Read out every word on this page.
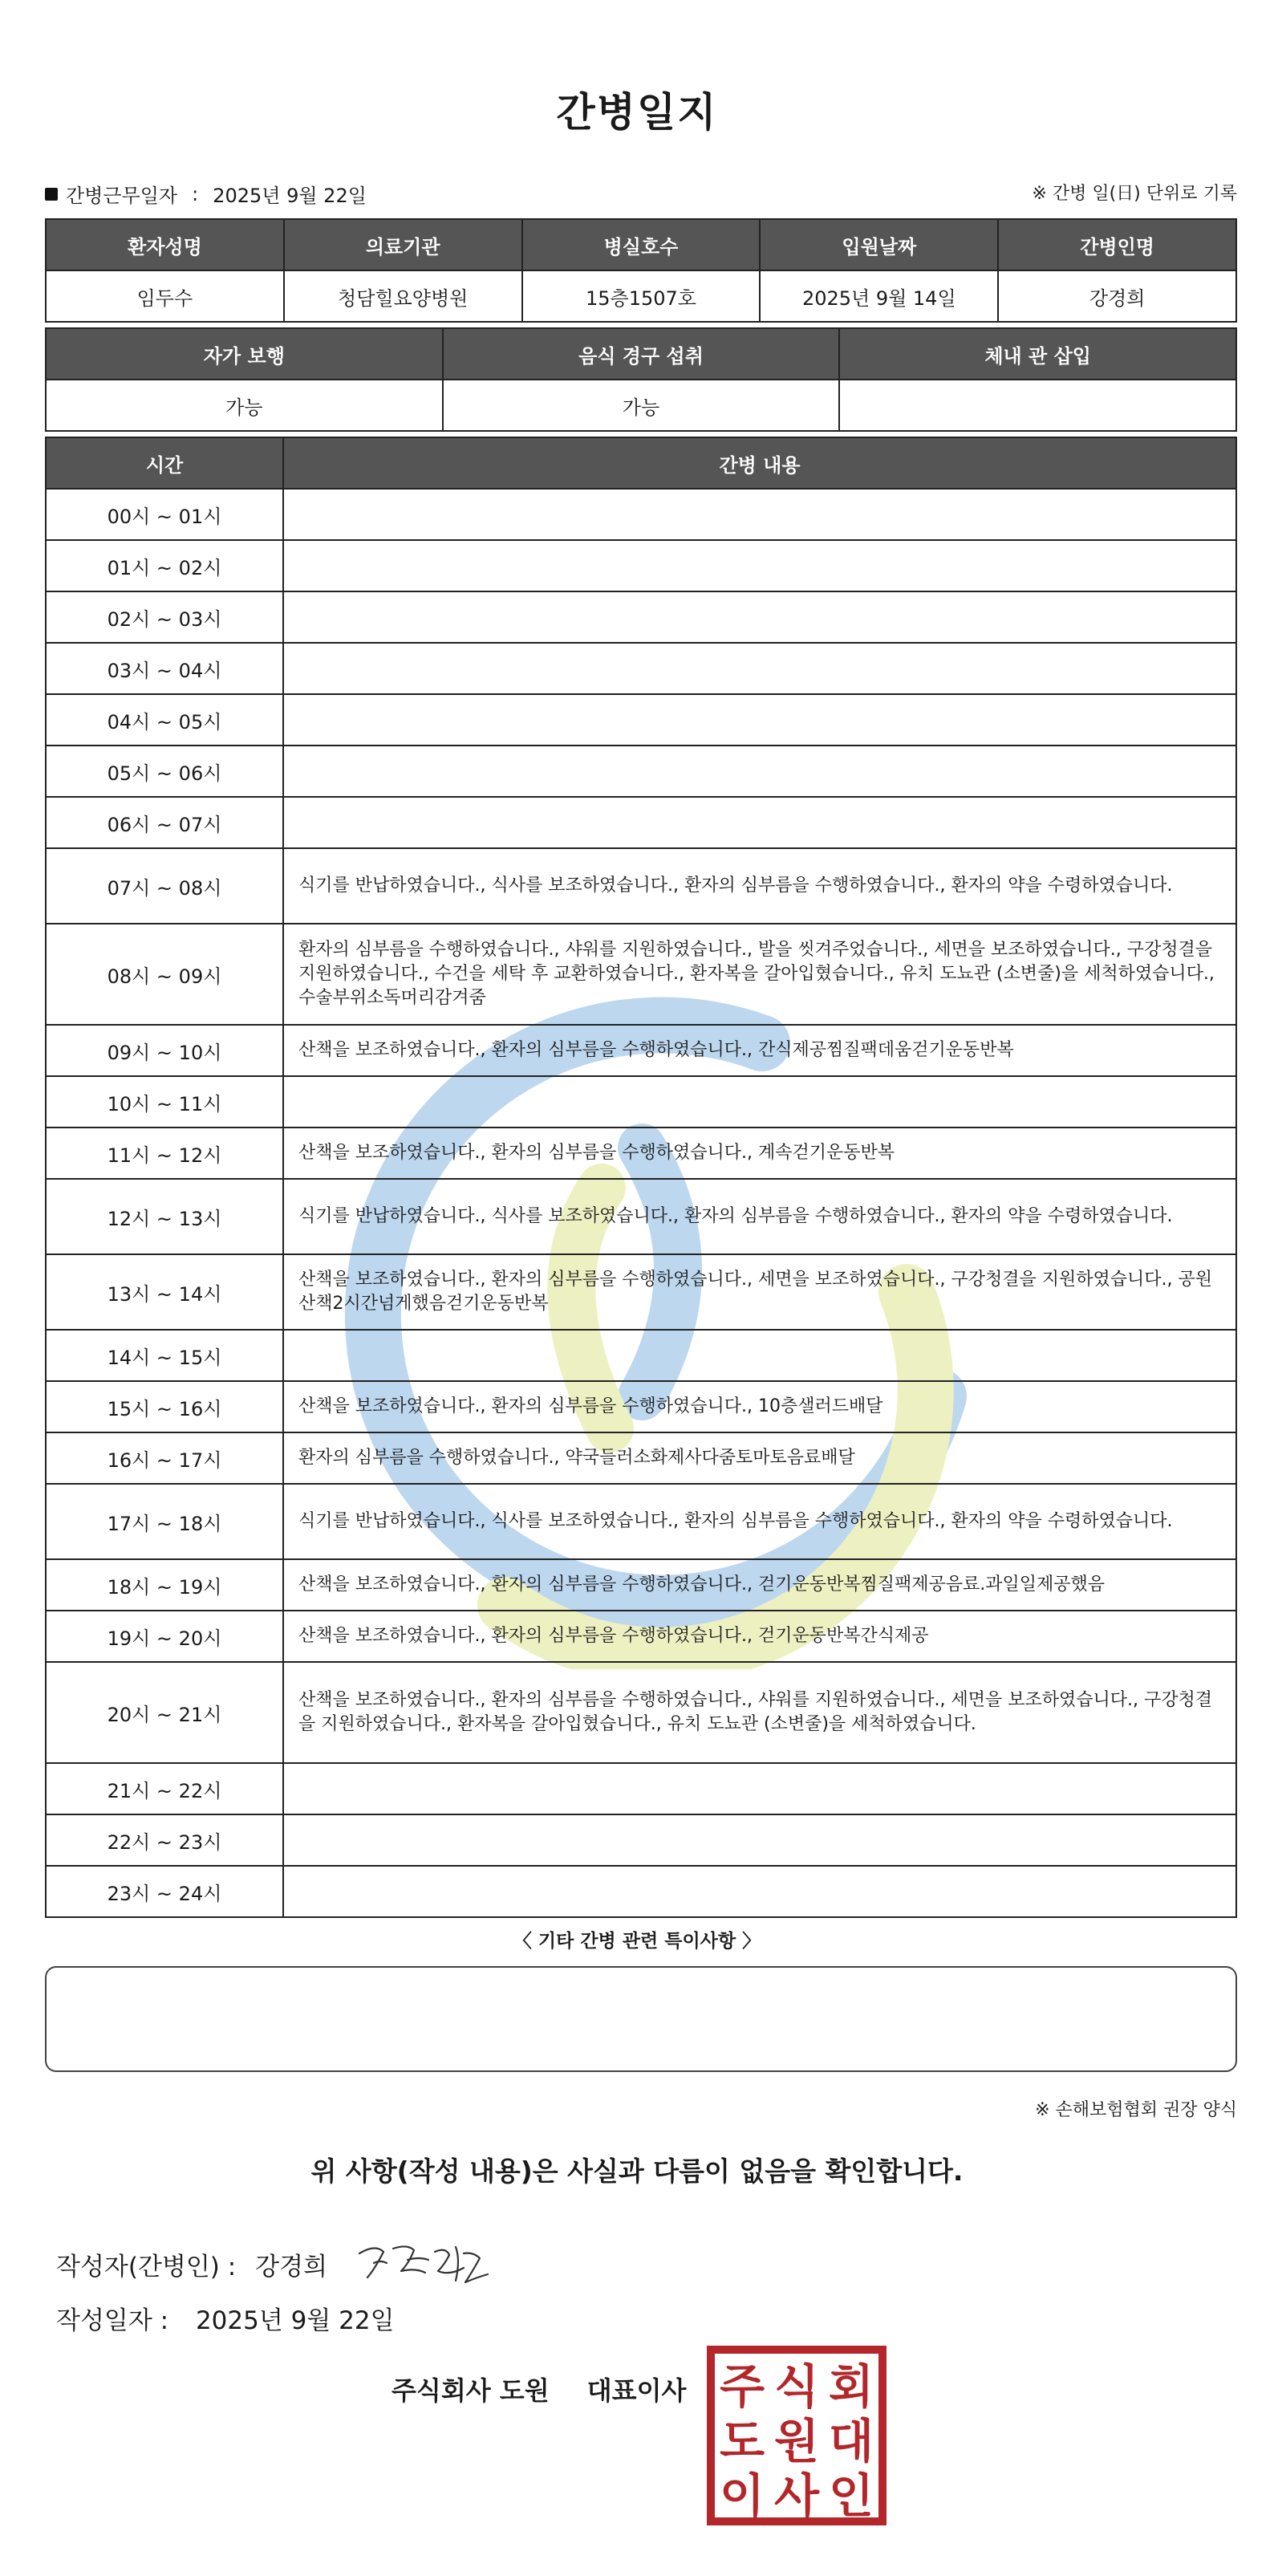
간병일지
간병근무일자 : 2025년 9월 22일	※ 간병 일(日) 단위로 기록
환자성명	의료기관	병실호수	입원날짜	간병인명
임두수	청담힐요양병원	15층1507호	2025년 9월 14일	강경희
자가 보행	음식 경구 섭취	체내 관 삽입
가능	가능	
시간	간병 내용
00시 ~ 01시	
01시 ~ 02시	
02시 ~ 03시	
03시 ~ 04시	
04시 ~ 05시	
05시 ~ 06시	
06시 ~ 07시	
07시 ~ 08시	식기를 반납하였습니다., 식사를 보조하였습니다., 환자의 심부름을 수행하였습니다., 환자의 약을 수령하였습니다.
08시 ~ 09시	환자의 심부름을 수행하였습니다., 샤워를 지원하였습니다., 발을 씻겨주었습니다., 세면을 보조하였습니다., 구강청결을 지원하였습니다., 수건을 세탁 후 교환하였습니다., 환자복을 갈아입혔습니다., 유치 도뇨관 (소변줄)을 세척하였습니다., 수술부위소독머리감겨줌
09시 ~ 10시	산책을 보조하였습니다., 환자의 심부름을 수행하였습니다., 간식제공찜질팩데움걷기운동반복
10시 ~ 11시	
11시 ~ 12시	산책을 보조하였습니다., 환자의 심부름을 수행하였습니다., 계속걷기운동반복
12시 ~ 13시	식기를 반납하였습니다., 식사를 보조하였습니다., 환자의 심부름을 수행하였습니다., 환자의 약을 수령하였습니다.
13시 ~ 14시	산책을 보조하였습니다., 환자의 심부름을 수행하였습니다., 세면을 보조하였습니다., 구강청결을 지원하였습니다., 공원산책2시간넘게했음걷기운동반복
14시 ~ 15시	
15시 ~ 16시	산책을 보조하였습니다., 환자의 심부름을 수행하였습니다., 10층샐러드배달
16시 ~ 17시	환자의 심부름을 수행하였습니다., 약국들러소화제사다줌토마토음료배달
17시 ~ 18시	식기를 반납하였습니다., 식사를 보조하였습니다., 환자의 심부름을 수행하였습니다., 환자의 약을 수령하였습니다.
18시 ~ 19시	산책을 보조하였습니다., 환자의 심부름을 수행하였습니다., 걷기운동반복찜질팩제공음료.과일일제공했음
19시 ~ 20시	산책을 보조하였습니다., 환자의 심부름을 수행하였습니다., 걷기운동반복간식제공
20시 ~ 21시	산책을 보조하였습니다., 환자의 심부름을 수행하였습니다., 샤워를 지원하였습니다., 세면을 보조하였습니다., 구강청결을 지원하였습니다., 환자복을 갈아입혔습니다., 유치 도뇨관 (소변줄)을 세척하였습니다.
21시 ~ 22시	
22시 ~ 23시	
23시 ~ 24시	
〈 기타 간병 관련 특이사항 〉
※ 손해보험협회 권장 양식
위 사항(작성 내용)은 사실과 다름이 없음을 확인합니다.
작성자(간병인) : 강경희
작성일자 : 2025년 9월 22일
주식회사 도원 대표이사 주 식 회
도 원 대
이 사 인
